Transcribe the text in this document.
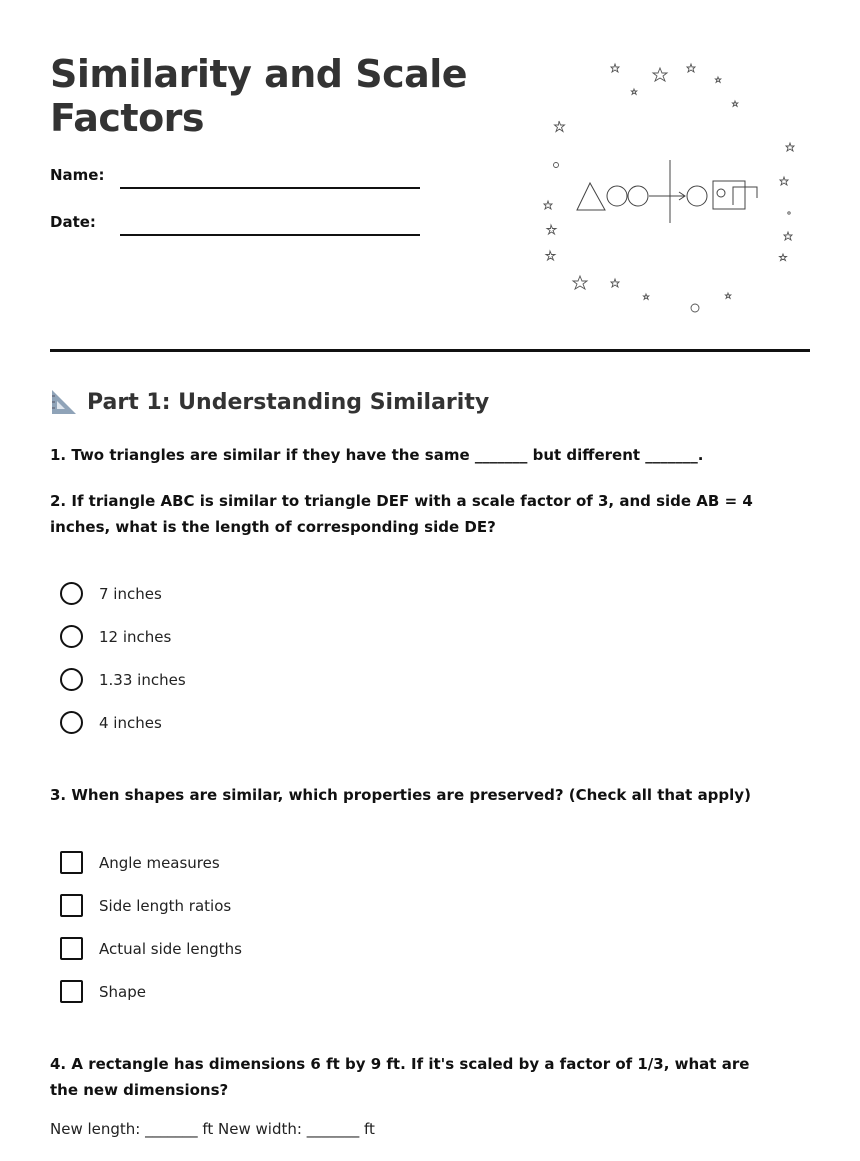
Similarity and Scale Factors
Name:
Date:
Part 1: Understanding Similarity
1. Two triangles are similar if they have the same _______ but different _______.
2. If triangle ABC is similar to triangle DEF with a scale factor of 3, and side AB = 4 inches, what is the length of corresponding side DE?
7 inches
12 inches
1.33 inches
4 inches
3. When shapes are similar, which properties are preserved? (Check all that apply)
Angle measures
Side length ratios
Actual side lengths
Shape
4. A rectangle has dimensions 6 ft by 9 ft. If it's scaled by a factor of 1/3, what are the new dimensions?
New length: _______ ft New width: _______ ft
